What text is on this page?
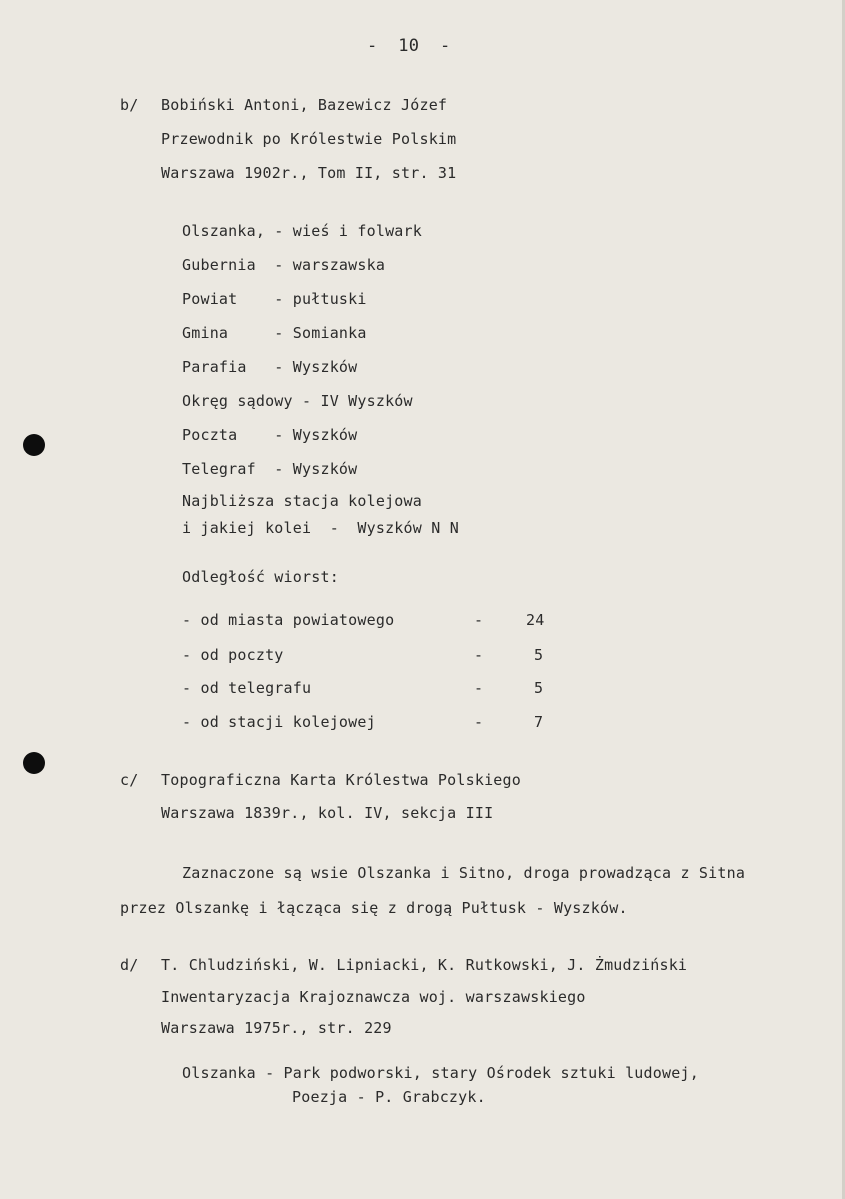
-  10  -
b/ Bobiński Antoni, Bazewicz Józef
Przewodnik po Królestwie Polskim
Warszawa 1902r., Tom II, str. 31
Olszanka, - wieś i folwark
Gubernia  - warszawska
Powiat    - pułtuski
Gmina     - Somianka
Parafia   - Wyszków
Okręg sądowy - IV Wyszków
Poczta    - Wyszków
Telegraf  - Wyszków
Najbliższa stacja kolejowa
i jakiej kolei  -  Wyszków N N
Odległość wiorst:
- od miasta powiatowego	-	24
- od poczty	-	5
- od telegrafu	-	5
- od stacji kolejowej	-	7
c/ Topograficzna Karta Królestwa Polskiego
Warszawa 1839r., kol. IV, sekcja III
Zaznaczone są wsie Olszanka i Sitno, droga prowadząca z Sitna
przez Olszankę i łącząca się z drogą Pułtusk - Wyszków.
d/ T. Chludziński, W. Lipniacki, K. Rutkowski, J. Żmudziński
Inwentaryzacja Krajoznawcza woj. warszawskiego
Warszawa 1975r., str. 229
Olszanka - Park podworski, stary Ośrodek sztuki ludowej,
Poezja - P. Grabczyk.
